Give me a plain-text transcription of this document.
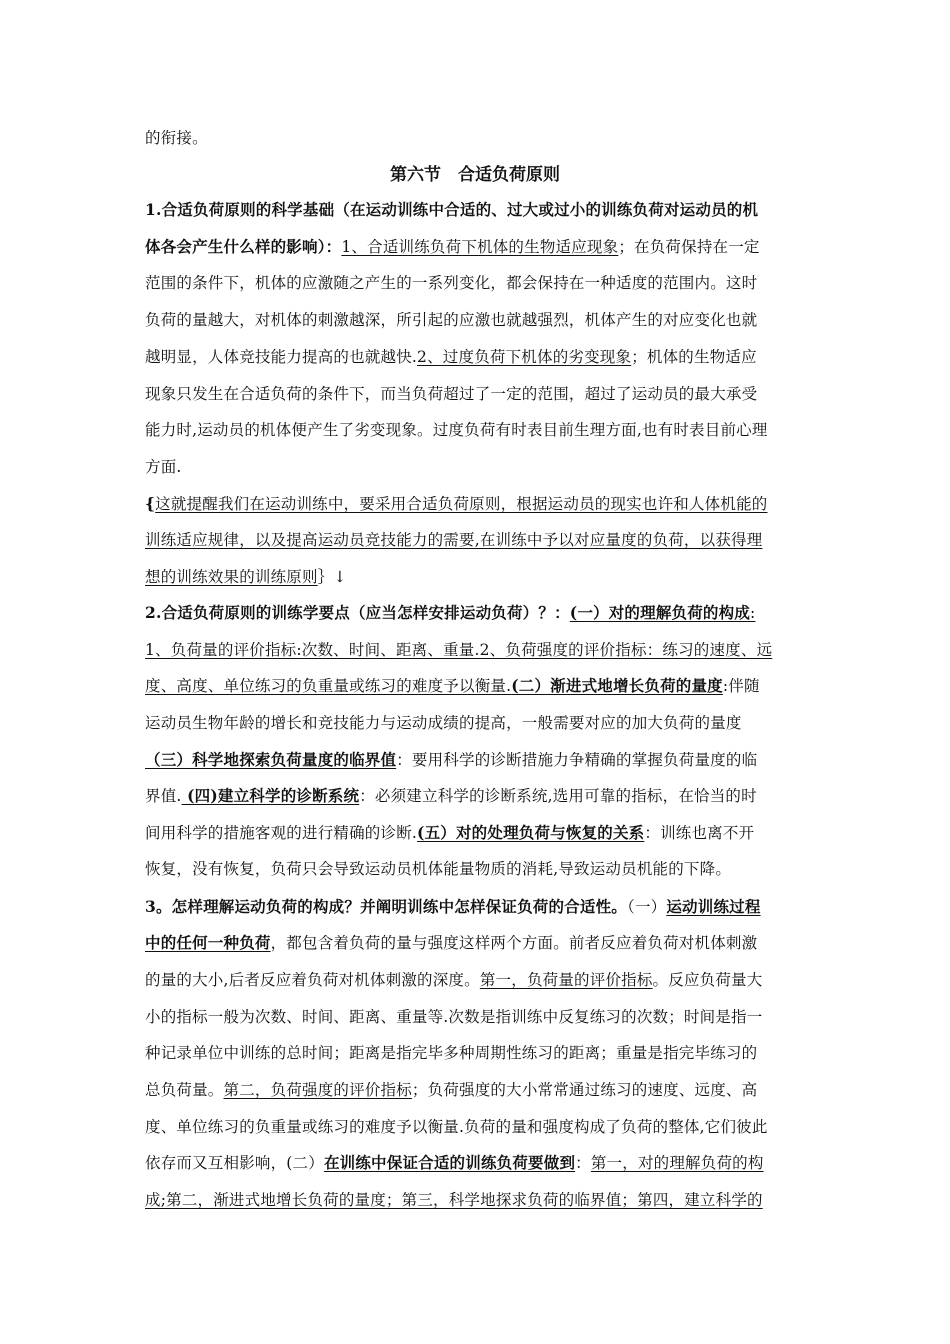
第六节　合适负荷原则
的衔接。
1.合适负荷原则的科学基础（在运动训练中合适的、过大或过小的训练负荷对运动员的机
体各会产生什么样的影响）：1、合适训练负荷下机体的生物适应现象；在负荷保持在一定
范围的条件下，机体的应激随之产生的一系列变化，都会保持在一种适度的范围内。这时
负荷的量越大，对机体的刺激越深，所引起的应激也就越强烈，机体产生的对应变化也就
越明显，人体竞技能力提高的也就越快.2、过度负荷下机体的劣变现象；机体的生物适应
现象只发生在合适负荷的条件下，而当负荷超过了一定的范围，超过了运动员的最大承受
能力时,运动员的机体便产生了劣变现象。过度负荷有时表目前生理方面,也有时表目前心理
方面.
{这就提醒我们在运动训练中，要采用合适负荷原则，根据运动员的现实也许和人体机能的
训练适应规律，以及提高运动员竞技能力的需要,在训练中予以对应量度的负荷，以获得理
想的训练效果的训练原则｝↓
2.合适负荷原则的训练学要点（应当怎样安排运动负荷）？：(一）对的理解负荷的构成:
1、负荷量的评价指标:次数、时间、距离、重量.2、负荷强度的评价指标：练习的速度、远
度、高度、单位练习的负重量或练习的难度予以衡量.(二）渐进式地增长负荷的量度:伴随
运动员生物年龄的增长和竞技能力与运动成绩的提高，一般需要对应的加大负荷的量度
（三）科学地探索负荷量度的临界值：要用科学的诊断措施力争精确的掌握负荷量度的临
界值. (四)建立科学的诊断系统：必须建立科学的诊断系统,选用可靠的指标，在恰当的时
间用科学的措施客观的进行精确的诊断.(五）对的处理负荷与恢复的关系：训练也离不开
恢复，没有恢复，负荷只会导致运动员机体能量物质的消耗,导致运动员机能的下降。
3。怎样理解运动负荷的构成？并阐明训练中怎样保证负荷的合适性。（一）运动训练过程
中的任何一种负荷，都包含着负荷的量与强度这样两个方面。前者反应着负荷对机体刺激
的量的大小,后者反应着负荷对机体刺激的深度。第一，负荷量的评价指标。反应负荷量大
小的指标一般为次数、时间、距离、重量等.次数是指训练中反复练习的次数；时间是指一
种记录单位中训练的总时间；距离是指完毕多种周期性练习的距离；重量是指完毕练习的
总负荷量。第二，负荷强度的评价指标；负荷强度的大小常常通过练习的速度、远度、高
度、单位练习的负重量或练习的难度予以衡量.负荷的量和强度构成了负荷的整体,它们彼此
依存而又互相影响，(二）在训练中保证合适的训练负荷要做到：第一，对的理解负荷的构
成;第二，渐进式地增长负荷的量度；第三，科学地探求负荷的临界值；第四，建立科学的
